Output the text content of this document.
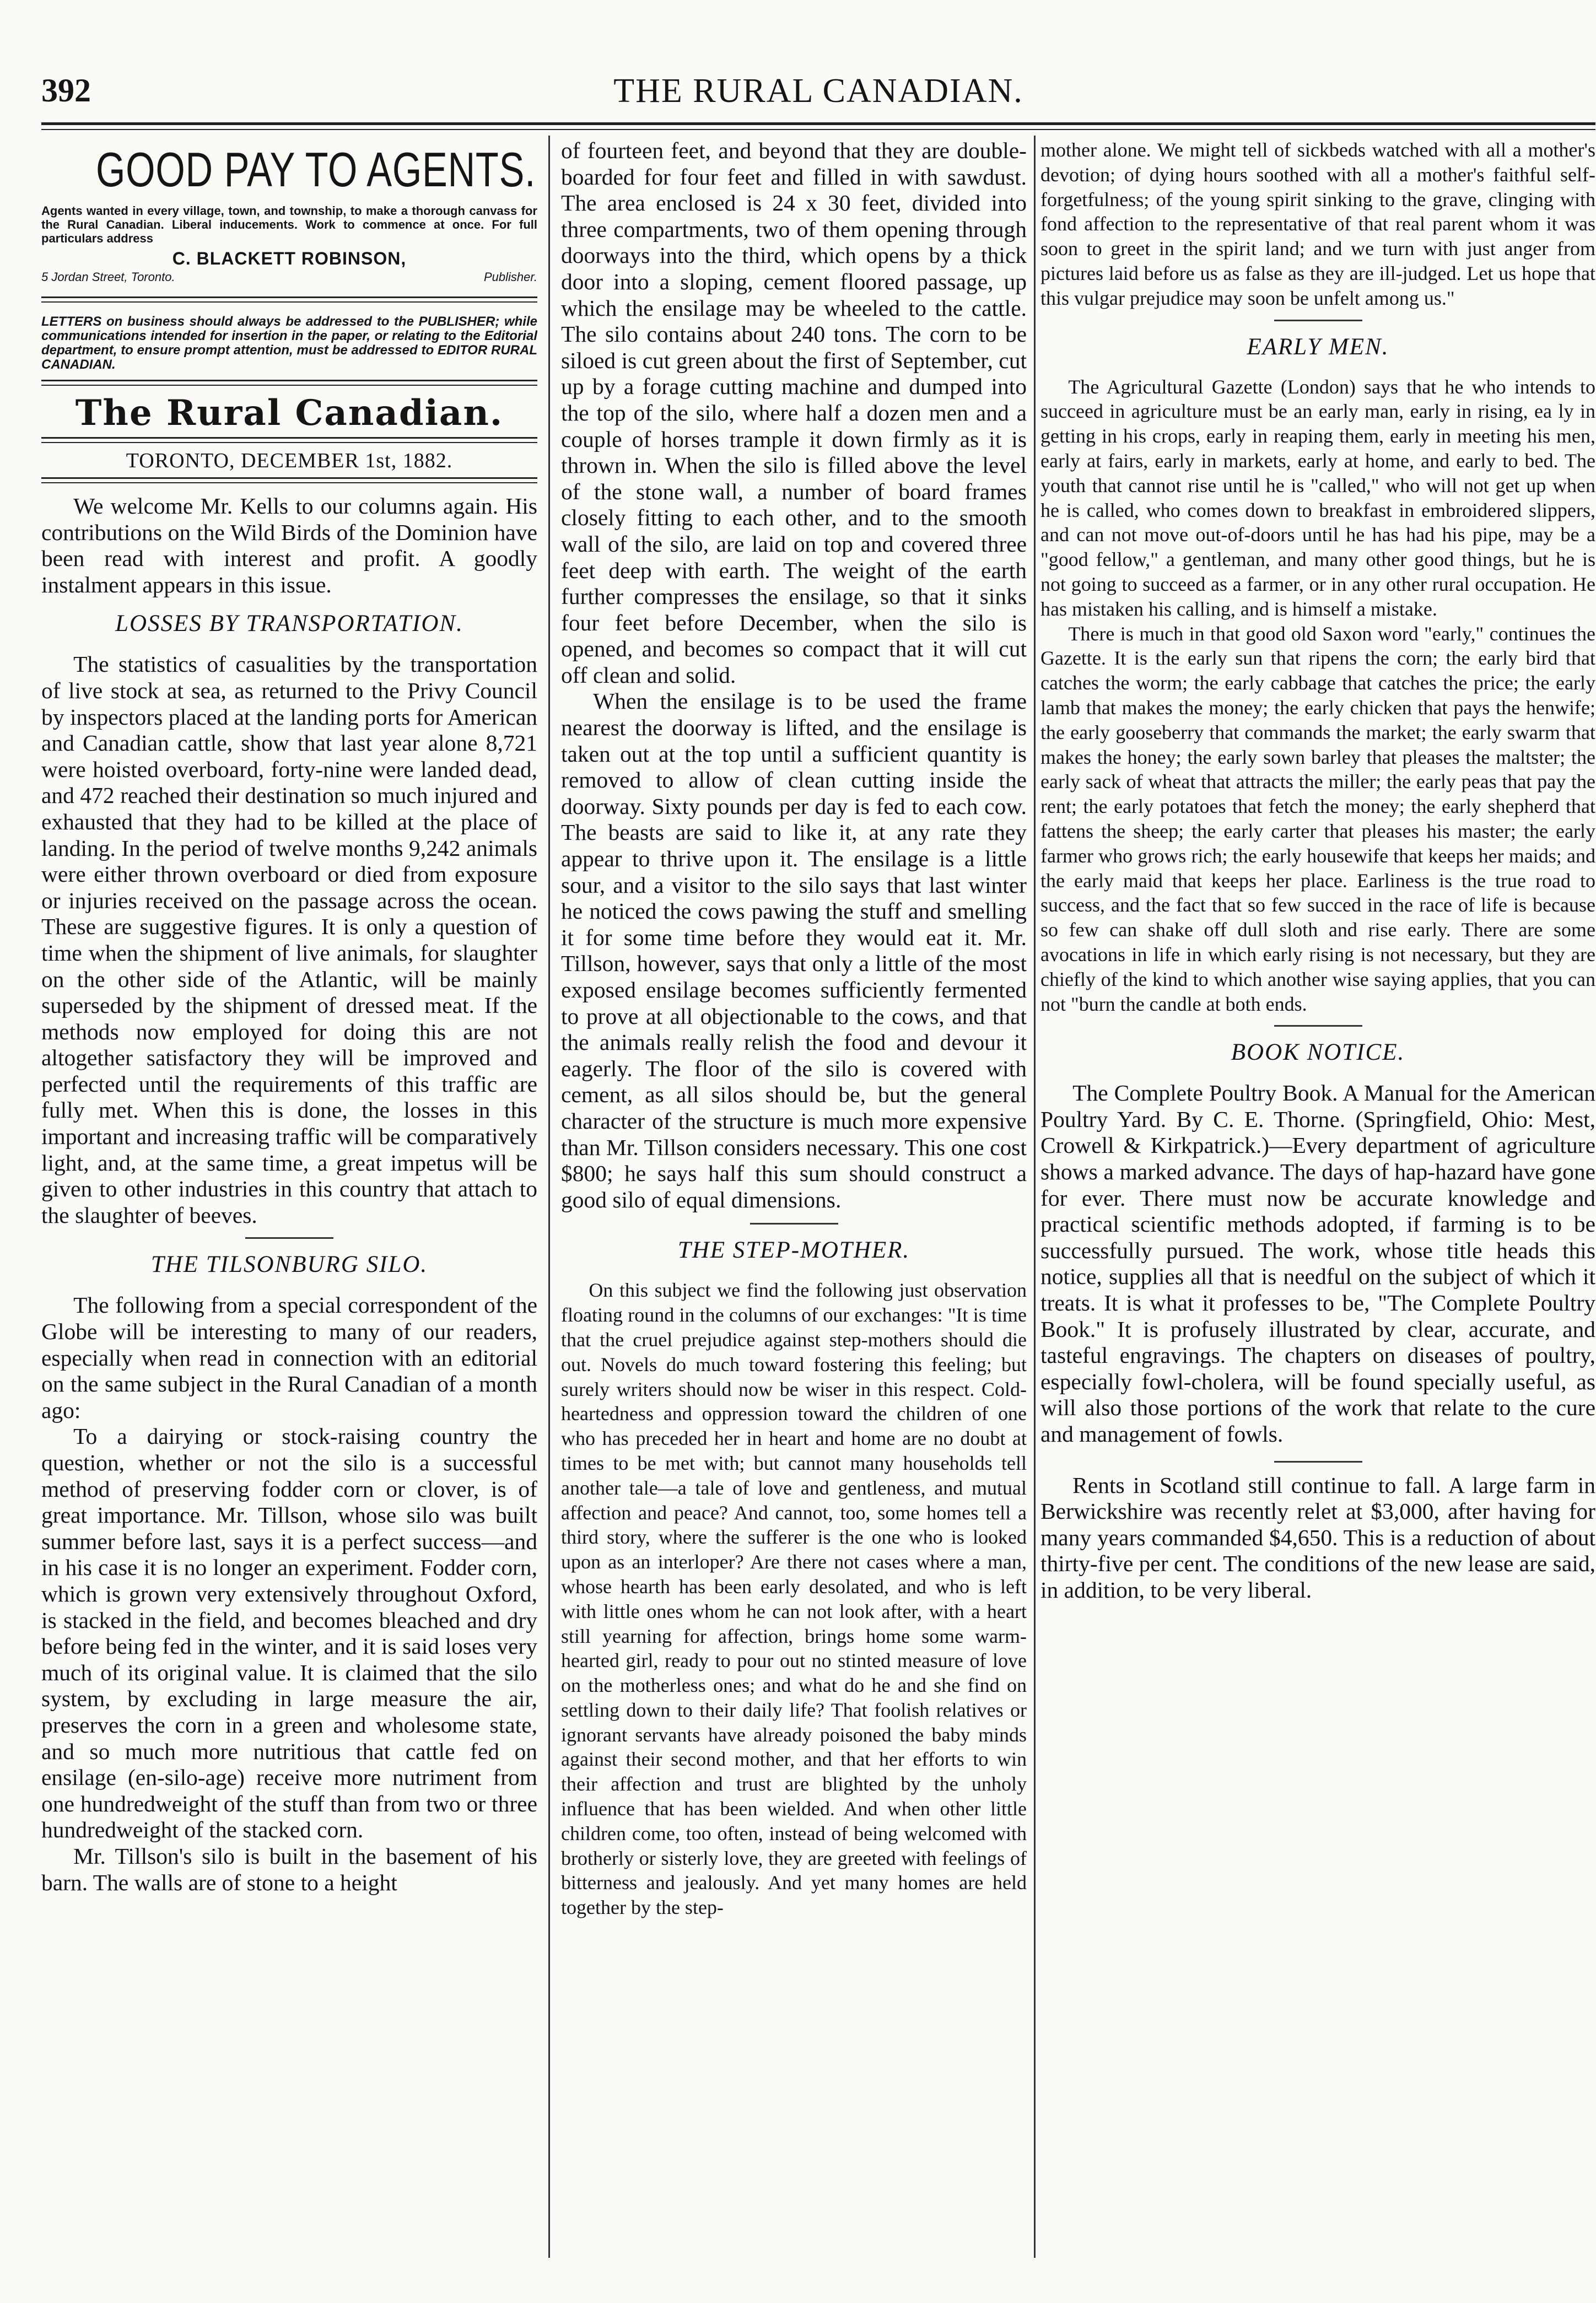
392	THE RURAL CANADIAN.
GOOD PAY TO AGENTS.

Agents wanted in every village, town, and township, to make a thorough canvass for the Rural Canadian. Liberal inducements. Work to commence at once. For full particulars address

C. BLACKETT ROBINSON,
5 Jordan Street, Toronto.	Publisher.

LETTERS on business should always be addressed to the PUBLISHER; while communications intended for insertion in the paper, or relating to the Editorial department, to ensure prompt attention, must be addressed to EDITOR RURAL CANADIAN.

The Rural Canadian.
TORONTO, DECEMBER 1st, 1882.

We welcome Mr. Kells to our columns again. His contributions on the Wild Birds of the Dominion have been read with interest and profit. A goodly instalment appears in this issue.

LOSSES BY TRANSPORTATION.

The statistics of casualities by the transportation of live stock at sea, as returned to the Privy Council by inspectors placed at the landing ports for American and Canadian cattle, show that last year alone 8,721 were hoisted overboard, forty-nine were landed dead, and 472 reached their destination so much injured and exhausted that they had to be killed at the place of landing. In the period of twelve months 9,242 animals were either thrown overboard or died from exposure or injuries received on the passage across the ocean. These are suggestive figures. It is only a question of time when the shipment of live animals, for slaughter on the other side of the Atlantic, will be mainly superseded by the shipment of dressed meat. If the methods now employed for doing this are not altogether satisfactory they will be improved and perfected until the requirements of this traffic are fully met. When this is done, the losses in this important and increasing traffic will be comparatively light, and, at the same time, a great impetus will be given to other industries in this country that attach to the slaughter of beeves.

THE TILSONBURG SILO.

The following from a special correspondent of the Globe will be interesting to many of our readers, especially when read in connection with an editorial on the same subject in the Rural Canadian of a month ago:

To a dairying or stock-raising country the question, whether or not the silo is a successful method of preserving fodder corn or clover, is of great importance. Mr. Tillson, whose silo was built summer before last, says it is a perfect success—and in his case it is no longer an experiment. Fodder corn, which is grown very extensively throughout Oxford, is stacked in the field, and becomes bleached and dry before being fed in the winter, and it is said loses very much of its original value. It is claimed that the silo system, by excluding in large measure the air, preserves the corn in a green and wholesome state, and so much more nutritious that cattle fed on ensilage (en-silo-age) receive more nutriment from one hundredweight of the stuff than from two or three hundredweight of the stacked corn.

Mr. Tillson's silo is built in the basement of his barn. The walls are of stone to a height

of fourteen feet, and beyond that they are double-boarded for four feet and filled in with sawdust. The area enclosed is 24 x 30 feet, divided into three compartments, two of them opening through doorways into the third, which opens by a thick door into a sloping, cement floored passage, up which the ensilage may be wheeled to the cattle. The silo contains about 240 tons. The corn to be siloed is cut green about the first of September, cut up by a forage cutting machine and dumped into the top of the silo, where half a dozen men and a couple of horses trample it down firmly as it is thrown in. When the silo is filled above the level of the stone wall, a number of board frames closely fitting to each other, and to the smooth wall of the silo, are laid on top and covered three feet deep with earth. The weight of the earth further compresses the ensilage, so that it sinks four feet before December, when the silo is opened, and becomes so compact that it will cut off clean and solid.

When the ensilage is to be used the frame nearest the doorway is lifted, and the ensilage is taken out at the top until a sufficient quantity is removed to allow of clean cutting inside the doorway. Sixty pounds per day is fed to each cow. The beasts are said to like it, at any rate they appear to thrive upon it. The ensilage is a little sour, and a visitor to the silo says that last winter he noticed the cows pawing the stuff and smelling it for some time before they would eat it. Mr. Tillson, however, says that only a little of the most exposed ensilage becomes sufficiently fermented to prove at all objectionable to the cows, and that the animals really relish the food and devour it eagerly. The floor of the silo is covered with cement, as all silos should be, but the general character of the structure is much more expensive than Mr. Tillson considers necessary. This one cost $800; he says half this sum should construct a good silo of equal dimensions.

THE STEP-MOTHER.

On this subject we find the following just observation floating round in the columns of our exchanges: "It is time that the cruel prejudice against step-mothers should die out. Novels do much toward fostering this feeling; but surely writers should now be wiser in this respect. Cold-heartedness and oppression toward the children of one who has preceded her in heart and home are no doubt at times to be met with; but cannot many households tell another tale—a tale of love and gentleness, and mutual affection and peace? And cannot, too, some homes tell a third story, where the sufferer is the one who is looked upon as an interloper? Are there not cases where a man, whose hearth has been early desolated, and who is left with little ones whom he can not look after, with a heart still yearning for affection, brings home some warm-hearted girl, ready to pour out no stinted measure of love on the motherless ones; and what do he and she find on settling down to their daily life? That foolish relatives or ignorant servants have already poisoned the baby minds against their second mother, and that her efforts to win their affection and trust are blighted by the unholy influence that has been wielded. And when other little children come, too often, instead of being welcomed with brotherly or sisterly love, they are greeted with feelings of bitterness and jealously. And yet many homes are held together by the step-

mother alone. We might tell of sickbeds watched with all a mother's devotion; of dying hours soothed with all a mother's faithful self-forgetfulness; of the young spirit sinking to the grave, clinging with fond affection to the representative of that real parent whom it was soon to greet in the spirit land; and we turn with just anger from pictures laid before us as false as they are ill-judged. Let us hope that this vulgar prejudice may soon be unfelt among us."

EARLY MEN.

The Agricultural Gazette (London) says that he who intends to succeed in agriculture must be an early man, early in rising, ea ly in getting in his crops, early in reaping them, early in meeting his men, early at fairs, early in markets, early at home, and early to bed. The youth that cannot rise until he is "called," who will not get up when he is called, who comes down to breakfast in embroidered slippers, and can not move out-of-doors until he has had his pipe, may be a "good fellow," a gentleman, and many other good things, but he is not going to succeed as a farmer, or in any other rural occupation. He has mistaken his calling, and is himself a mistake.

There is much in that good old Saxon word "early," continues the Gazette. It is the early sun that ripens the corn; the early bird that catches the worm; the early cabbage that catches the price; the early lamb that makes the money; the early chicken that pays the henwife; the early gooseberry that commands the market; the early swarm that makes the honey; the early sown barley that pleases the maltster; the early sack of wheat that attracts the miller; the early peas that pay the rent; the early potatoes that fetch the money; the early shepherd that fattens the sheep; the early carter that pleases his master; the early farmer who grows rich; the early housewife that keeps her maids; and the early maid that keeps her place. Earliness is the true road to success, and the fact that so few succed in the race of life is because so few can shake off dull sloth and rise early. There are some avocations in life in which early rising is not necessary, but they are chiefly of the kind to which another wise saying applies, that you can not "burn the candle at both ends.

BOOK NOTICE.

The Complete Poultry Book. A Manual for the American Poultry Yard. By C. E. Thorne. (Springfield, Ohio: Mest, Crowell & Kirkpatrick.)—Every department of agriculture shows a marked advance. The days of hap-hazard have gone for ever. There must now be accurate knowledge and practical scientific methods adopted, if farming is to be successfully pursued. The work, whose title heads this notice, supplies all that is needful on the subject of which it treats. It is what it professes to be, "The Complete Poultry Book." It is profusely illustrated by clear, accurate, and tasteful engravings. The chapters on diseases of poultry, especially fowl-cholera, will be found specially useful, as will also those portions of the work that relate to the cure and management of fowls.

Rents in Scotland still continue to fall. A large farm in Berwickshire was recently relet at $3,000, after having for many years commanded $4,650. This is a reduction of about thirty-five per cent. The conditions of the new lease are said, in addition, to be very liberal.
